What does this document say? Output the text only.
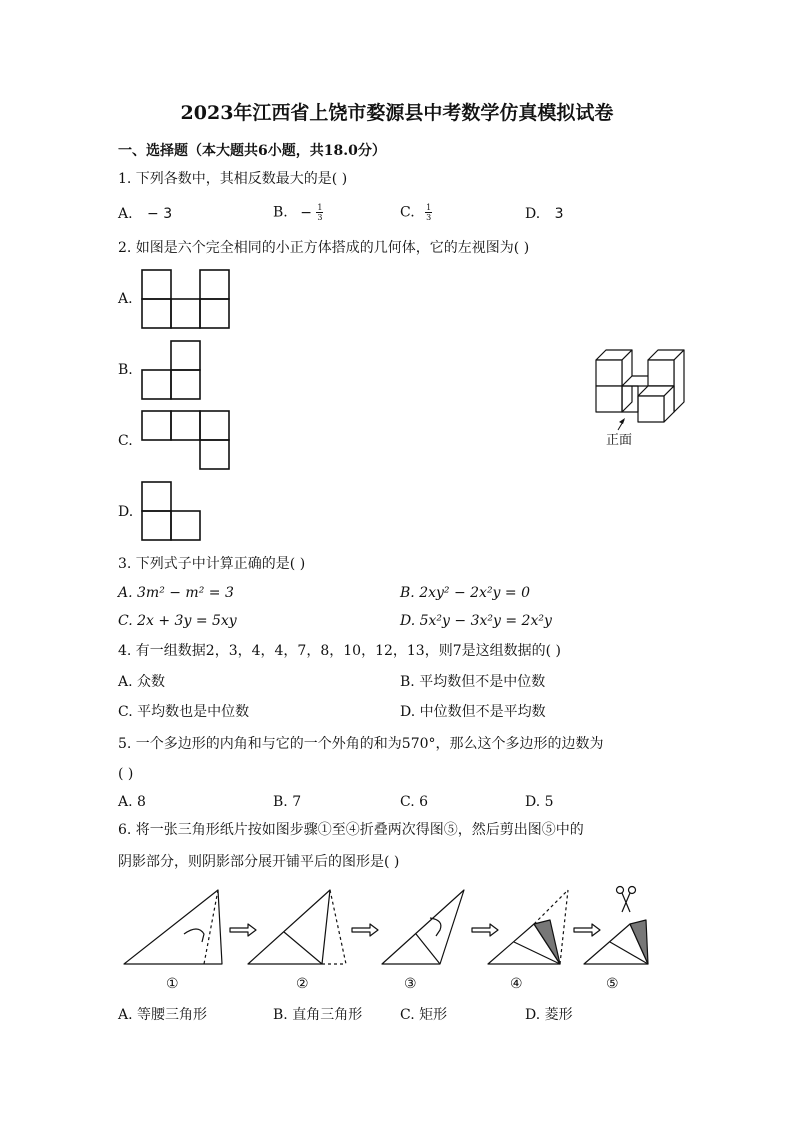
2023年江西省上饶市婺源县中考数学仿真模拟试卷
一、选择题（本大题共6小题，共18.0分）
1. 下列各数中，其相反数最大的是( )
A. − 3	B. − $\frac{1}{3}$	C. $\frac{1}{3}$	D. 3
2. 如图是六个完全相同的小正方体搭成的几何体，它的左视图为( )
A.
B.
C.
D.
正面
3. 下列式子中计算正确的是( )
A. 3m² − m² = 3	B. 2xy² − 2x²y = 0
C. 2x + 3y = 5xy	D. 5x²y − 3x²y = 2x²y
4. 有一组数据2，3，4，4，7，8，10，12，13，则7是这组数据的( )
A. 众数	B. 平均数但不是中位数
C. 平均数也是中位数	D. 中位数但不是平均数
5. 一个多边形的内角和与它的一个外角的和为570°，那么这个多边形的边数为
( )
A. 8	B. 7	C. 6	D. 5
6. 将一张三角形纸片按如图步骤①至④折叠两次得图⑤，然后剪出图⑤中的
阴影部分，则阴影部分展开铺平后的图形是( )
①	②	③	④	⑤
A. 等腰三角形	B. 直角三角形	C. 矩形	D. 菱形
